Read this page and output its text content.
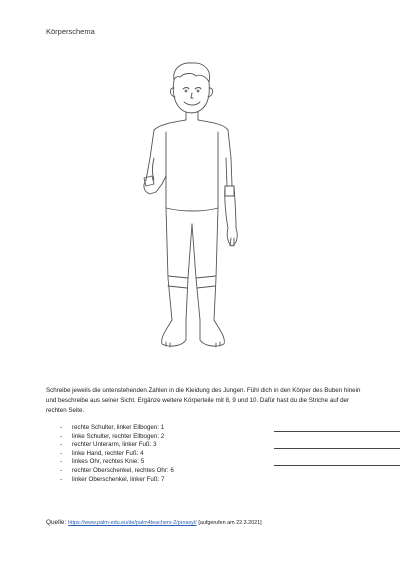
Körperschema
Schreibe jeweils die untenstehenden Zahlen in die Kleidung des Jungen. Fühl dich in den Körper des Buben hinein und beschreibe aus seiner Sicht. Ergänze weitere Körperteile mit 8, 9 und 10. Dafür hast du die Striche auf der rechten Seite.
- rechte Schulter, linker Ellbogen: 1
- linke Schulter, rechter Ellbogen: 2
- rechter Unterarm, linker Fuß: 3
- linke Hand, rechter Fuß: 4
- linkes Ohr, rechtes Knie: 5
- rechter Oberschenkel, rechtes Ohr: 6
- linker Oberschenkel, linker Fuß: 7
Quelle: https://www.palm-edu.eu/de/palm4teachers-2/proasyl/ [aufgerufen am 22.3.2021]
